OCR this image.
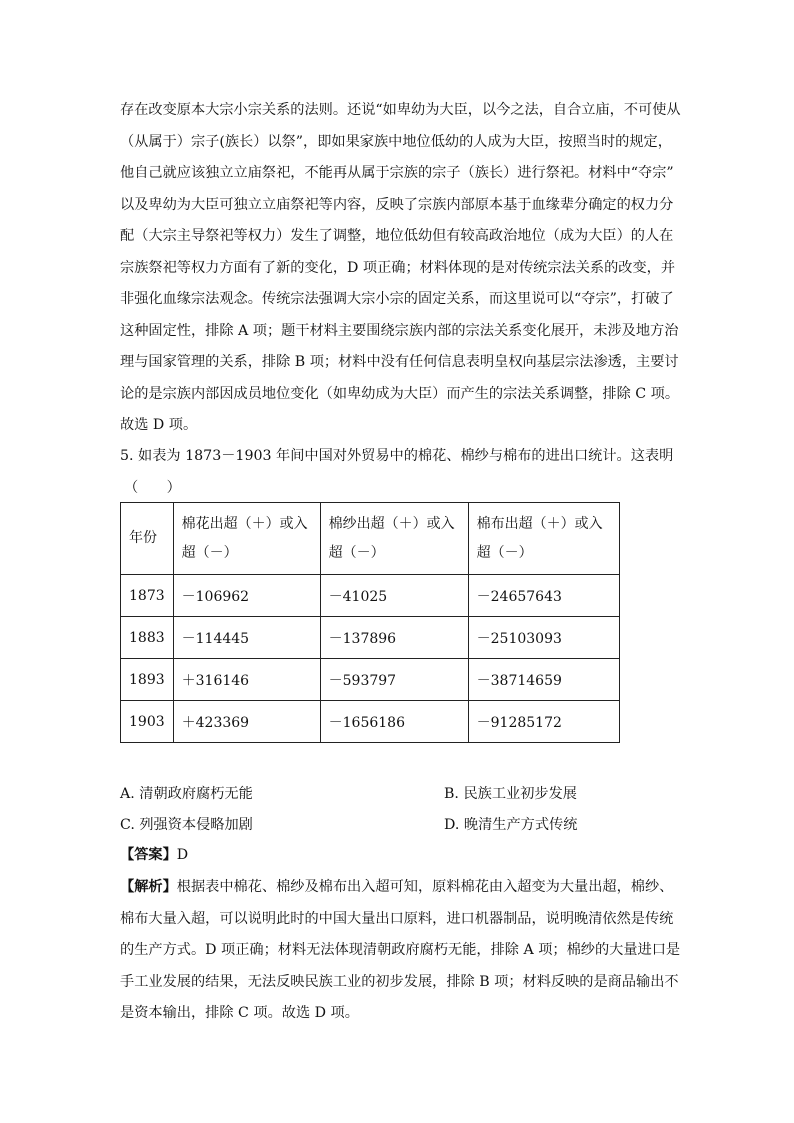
存在改变原本大宗小宗关系的法则。还说“如卑幼为大臣，以今之法，自合立庙，不可使从
（从属于）宗子(族长）以祭”，即如果家族中地位低幼的人成为大臣，按照当时的规定，
他自己就应该独立立庙祭祀，不能再从属于宗族的宗子（族长）进行祭祀。材料中“夺宗”
以及卑幼为大臣可独立立庙祭祀等内容，反映了宗族内部原本基于血缘辈分确定的权力分
配（大宗主导祭祀等权力）发生了调整，地位低幼但有较高政治地位（成为大臣）的人在
宗族祭祀等权力方面有了新的变化，D 项正确；材料体现的是对传统宗法关系的改变，并
非强化血缘宗法观念。传统宗法强调大宗小宗的固定关系，而这里说可以“夺宗”，打破了
这种固定性，排除 A 项；题干材料主要围绕宗族内部的宗法关系变化展开，未涉及地方治
理与国家管理的关系，排除 B 项；材料中没有任何信息表明皇权向基层宗法渗透，主要讨
论的是宗族内部因成员地位变化（如卑幼成为大臣）而产生的宗法关系调整，排除 C 项。
故选 D 项。
5. 如表为 1873－1903 年间中国对外贸易中的棉花、棉纱与棉布的进出口统计。这表明
（　　）
年份	棉花出超（＋）或入超（－）	棉纱出超（＋）或入超（－）	棉布出超（＋）或入超（－）
1873	－106962	－41025	－24657643
1883	－114445	－137896	－25103093
1893	＋316146	－593797	－38714659
1903	＋423369	－1656186	－91285172
A. 清朝政府腐朽无能	B. 民族工业初步发展
C. 列强资本侵略加剧	D. 晚清生产方式传统
【答案】D
【解析】根据表中棉花、棉纱及棉布出入超可知，原料棉花由入超变为大量出超，棉纱、
棉布大量入超，可以说明此时的中国大量出口原料，进口机器制品，说明晚清依然是传统
的生产方式。D 项正确；材料无法体现清朝政府腐朽无能，排除 A 项；棉纱的大量进口是
手工业发展的结果，无法反映民族工业的初步发展，排除 B 项；材料反映的是商品输出不
是资本输出，排除 C 项。故选 D 项。
